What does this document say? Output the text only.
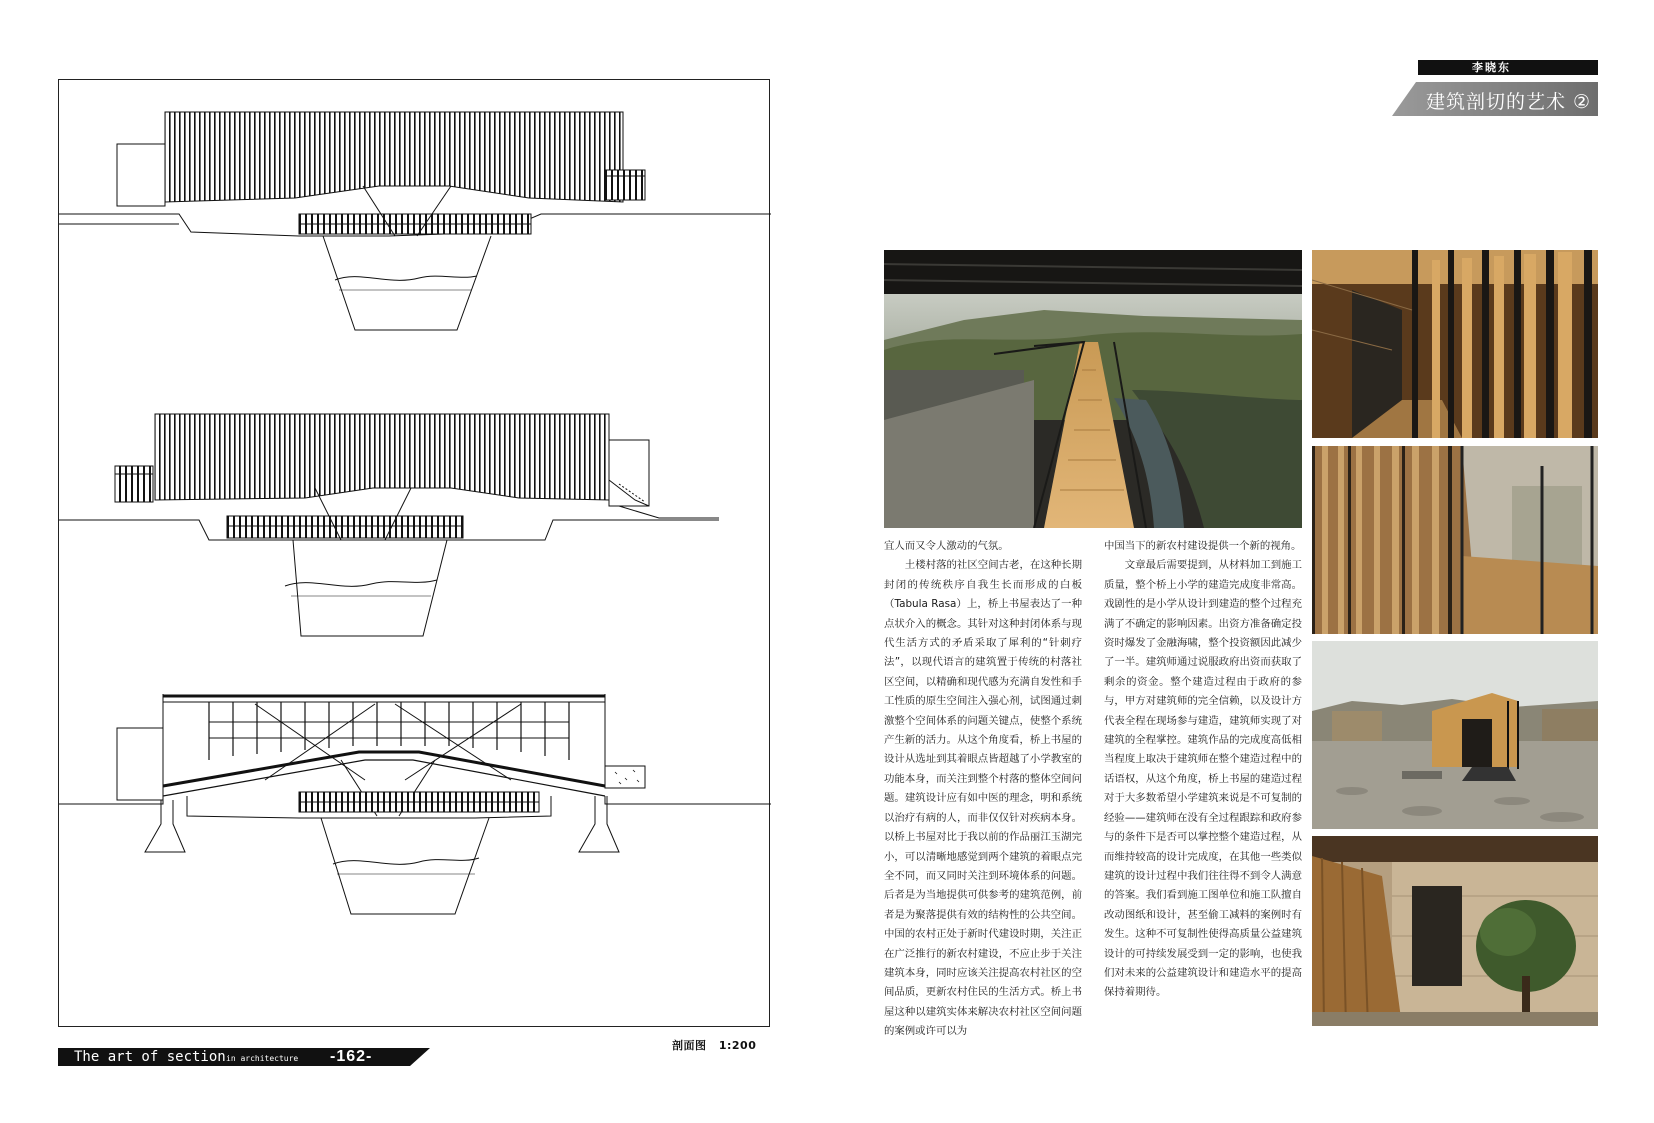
剖面图 1:200
The art of section in architecture -162-
李晓东
建筑剖切的艺术 ②

宜人而又令人激动的气氛。

土楼村落的社区空间古老，在这种长期封闭的传统秩序自我生长而形成的白板（Tabula Rasa）上，桥上书屋表达了一种点状介入的概念。其针对这种封闭体系与现代生活方式的矛盾采取了犀利的“针刺疗法”，以现代语言的建筑置于传统的村落社区空间，以精确和现代感为充满自发性和手工性质的原生空间注入强心剂，试图通过刺激整个空间体系的问题关键点，使整个系统产生新的活力。从这个角度看，桥上书屋的设计从选址到其着眼点皆超越了小学教室的功能本身，而关注到整个村落的整体空间问题。建筑设计应有如中医的理念，明和系统以治疗有病的人，而非仅仅针对疾病本身。以桥上书屋对比于我以前的作品丽江玉湖完小，可以清晰地感觉到两个建筑的着眼点完全不同，而又同时关注到环境体系的问题。后者是为当地提供可供参考的建筑范例，前者是为聚落提供有效的结构性的公共空间。中国的农村正处于新时代建设时期，关注正在广泛推行的新农村建设，不应止步于关注建筑本身，同时应该关注提高农村社区的空间品质，更新农村住民的生活方式。桥上书屋这种以建筑实体来解决农村社区空间问题的案例或许可以为

中国当下的新农村建设提供一个新的视角。

文章最后需要提到，从材料加工到施工质量，整个桥上小学的建造完成度非常高。戏剧性的是小学从设计到建造的整个过程充满了不确定的影响因素。出资方准备确定投资时爆发了金融海啸，整个投资额因此减少了一半。建筑师通过说服政府出资而获取了剩余的资金。整个建造过程由于政府的参与，甲方对建筑师的完全信赖，以及设计方代表全程在现场参与建造，建筑师实现了对建筑的全程掌控。建筑作品的完成度高低相当程度上取决于建筑师在整个建造过程中的话语权，从这个角度，桥上书屋的建造过程对于大多数希望小学建筑来说是不可复制的经验——建筑师在没有全过程跟踪和政府参与的条件下是否可以掌控整个建造过程，从而维持较高的设计完成度，在其他一些类似建筑的设计过程中我们往往得不到令人满意的答案。我们看到施工图单位和施工队擅自改动图纸和设计，甚至偷工减料的案例时有发生。这种不可复制性使得高质量公益建筑设计的可持续发展受到一定的影响，也使我们对未来的公益建筑设计和建造水平的提高保持着期待。
